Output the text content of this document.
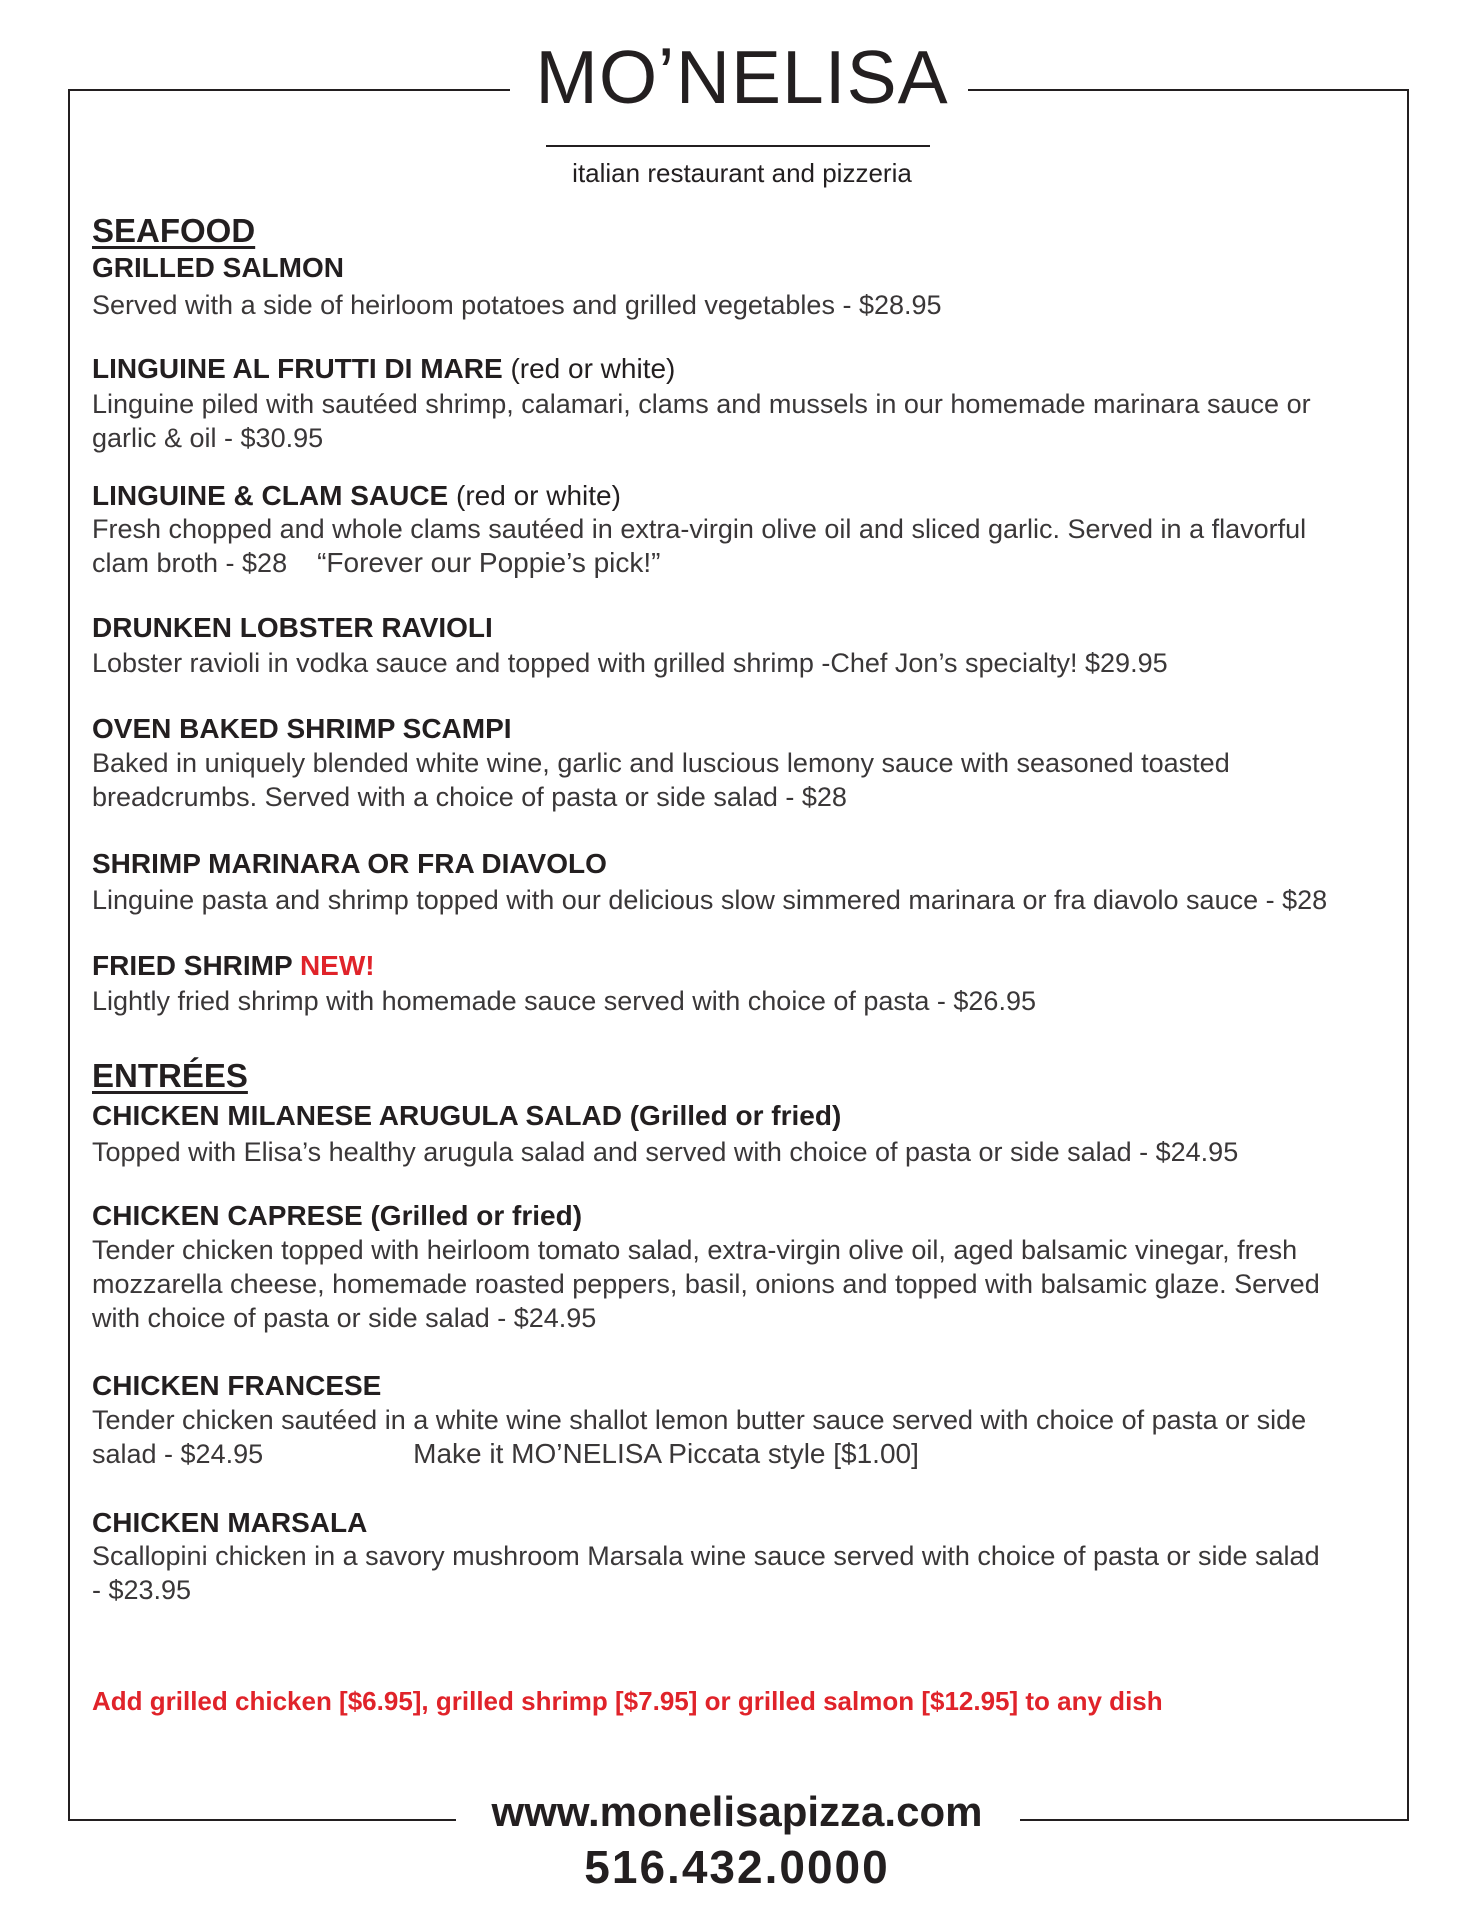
MOʼNELISA
italian restaurant and pizzeria
SEAFOOD
GRILLED SALMON
Served with a side of heirloom potatoes and grilled vegetables - $28.95
LINGUINE AL FRUTTI DI MARE (red or white)
Linguine piled with sautéed shrimp, calamari, clams and mussels in our homemade marinara sauce or
garlic & oil - $30.95
LINGUINE & CLAM SAUCE (red or white)
Fresh chopped and whole clams sautéed in extra-virgin olive oil and sliced garlic. Served in a flavorful
clam broth - $28 “Forever our Poppie’s pick!”
DRUNKEN LOBSTER RAVIOLI
Lobster ravioli in vodka sauce and topped with grilled shrimp -Chef Jon’s specialty! $29.95
OVEN BAKED SHRIMP SCAMPI
Baked in uniquely blended white wine, garlic and luscious lemony sauce with seasoned toasted
breadcrumbs. Served with a choice of pasta or side salad - $28
SHRIMP MARINARA OR FRA DIAVOLO
Linguine pasta and shrimp topped with our delicious slow simmered marinara or fra diavolo sauce - $28
FRIED SHRIMP NEW!
Lightly fried shrimp with homemade sauce served with choice of pasta - $26.95
ENTRÉES
CHICKEN MILANESE ARUGULA SALAD (Grilled or fried)
Topped with Elisa’s healthy arugula salad and served with choice of pasta or side salad - $24.95
CHICKEN CAPRESE (Grilled or fried)
Tender chicken topped with heirloom tomato salad, extra-virgin olive oil, aged balsamic vinegar, fresh
mozzarella cheese, homemade roasted peppers, basil, onions and topped with balsamic glaze. Served
with choice of pasta or side salad - $24.95
CHICKEN FRANCESE
Tender chicken sautéed in a white wine shallot lemon butter sauce served with choice of pasta or side
salad - $24.95	Make it MO’NELISA Piccata style [$1.00]
CHICKEN MARSALA
Scallopini chicken in a savory mushroom Marsala wine sauce served with choice of pasta or side salad
- $23.95
Add grilled chicken [$6.95], grilled shrimp [$7.95] or grilled salmon [$12.95] to any dish
www.monelisapizza.com
516.432.0000
